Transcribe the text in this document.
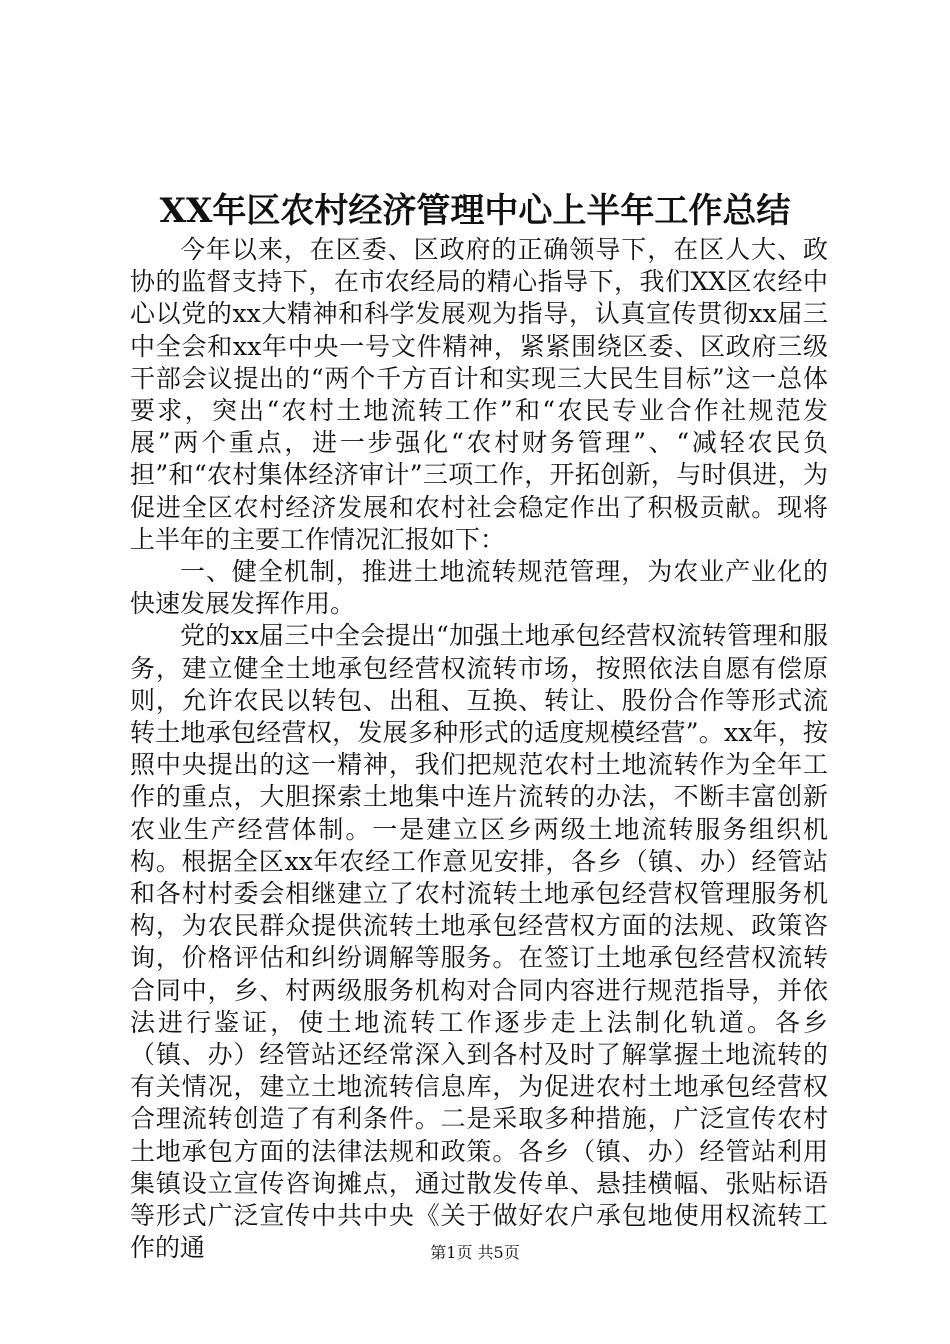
XX年区农村经济管理中心上半年工作总结

今年以来，在区委、区政府的正确领导下，在区人大、政协的监督支持下，在市农经局的精心指导下，我们XX区农经中心以党的xx大精神和科学发展观为指导，认真宣传贯彻xx届三中全会和xx年中央一号文件精神，紧紧围绕区委、区政府三级干部会议提出的“两个千方百计和实现三大民生目标”这一总体要求，突出“农村土地流转工作”和“农民专业合作社规范发展”两个重点，进一步强化“农村财务管理”、“减轻农民负担”和“农村集体经济审计”三项工作，开拓创新，与时俱进，为促进全区农村经济发展和农村社会稳定作出了积极贡献。现将上半年的主要工作情况汇报如下：

一、健全机制，推进土地流转规范管理，为农业产业化的快速发展发挥作用。

党的xx届三中全会提出“加强土地承包经营权流转管理和服务，建立健全土地承包经营权流转市场，按照依法自愿有偿原则，允许农民以转包、出租、互换、转让、股份合作等形式流转土地承包经营权，发展多种形式的适度规模经营”。xx年，按照中央提出的这一精神，我们把规范农村土地流转作为全年工作的重点，大胆探索土地集中连片流转的办法，不断丰富创新农业生产经营体制。一是建立区乡两级土地流转服务组织机构。根据全区xx年农经工作意见安排，各乡（镇、办）经管站和各村村委会相继建立了农村流转土地承包经营权管理服务机构，为农民群众提供流转土地承包经营权方面的法规、政策咨询，价格评估和纠纷调解等服务。在签订土地承包经营权流转合同中，乡、村两级服务机构对合同内容进行规范指导，并依法进行鉴证，使土地流转工作逐步走上法制化轨道。各乡（镇、办）经管站还经常深入到各村及时了解掌握土地流转的有关情况，建立土地流转信息库，为促进农村土地承包经营权合理流转创造了有利条件。二是采取多种措施，广泛宣传农村土地承包方面的法律法规和政策。各乡（镇、办）经管站利用集镇设立宣传咨询摊点，通过散发传单、悬挂横幅、张贴标语等形式广泛宣传中共中央《关于做好农户承包地使用权流转工作的通	第1页 共5页
